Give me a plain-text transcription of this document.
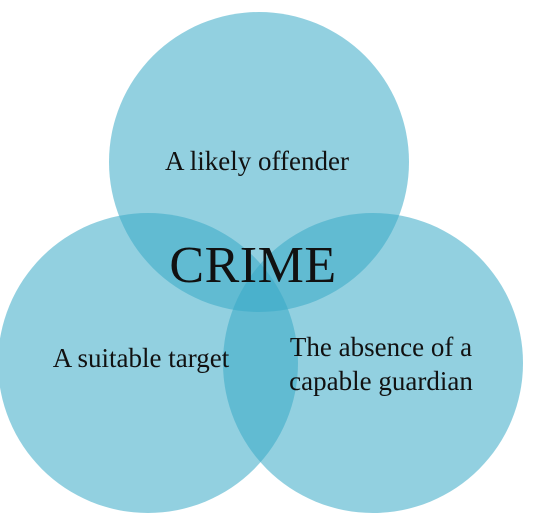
A likely offender
CRIME
A suitable target The absence of a
capable guardian
